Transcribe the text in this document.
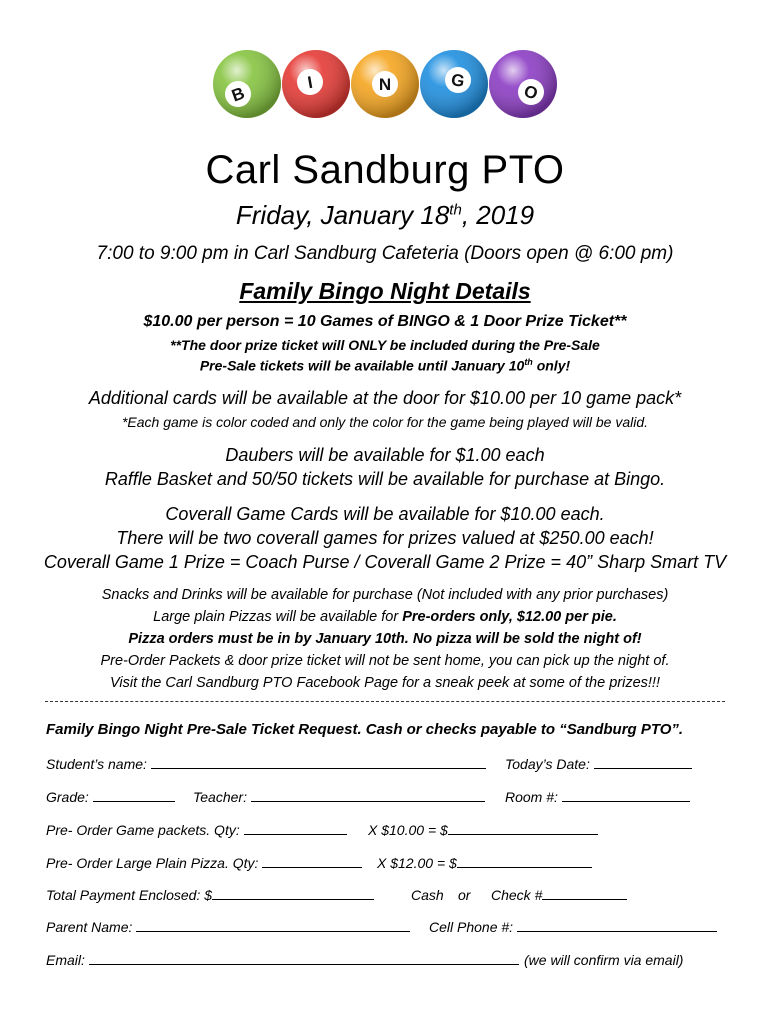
B
I	N	G
O
Carl Sandburg PTO
Friday, January 18th, 2019
7:00 to 9:00 pm in Carl Sandburg Cafeteria (Doors open @ 6:00 pm)
Family Bingo Night Details
$10.00 per person = 10 Games of BINGO & 1 Door Prize Ticket**
**The door prize ticket will ONLY be included during the Pre-Sale
Pre-Sale tickets will be available until January 10th only!
Additional cards will be available at the door for $10.00 per 10 game pack*
*Each game is color coded and only the color for the game being played will be valid.
Daubers will be available for $1.00 each
Raffle Basket and 50/50 tickets will be available for purchase at Bingo.
Coverall Game Cards will be available for $10.00 each.
There will be two coverall games for prizes valued at $250.00 each!
Coverall Game 1 Prize = Coach Purse / Coverall Game 2 Prize = 40” Sharp Smart TV
Snacks and Drinks will be available for purchase (Not included with any prior purchases)
Large plain Pizzas will be available for Pre-orders only, $12.00 per pie.
Pizza orders must be in by January 10th. No pizza will be sold the night of!
Pre-Order Packets & door prize ticket will not be sent home, you can pick up the night of.
Visit the Carl Sandburg PTO Facebook Page for a sneak peek at some of the prizes!!!
Family Bingo Night Pre-Sale Ticket Request. Cash or checks payable to “Sandburg PTO”.
Student’s name:	Today’s Date:
Grade:	Teacher:	Room #:
Pre- Order Game packets. Qty:	X $10.00 = $
Pre- Order Large Plain Pizza. Qty:	X $12.00 = $
Total Payment Enclosed: $	Cash or Check #
Parent Name:	Cell Phone #:
Email:	(we will confirm via email)
